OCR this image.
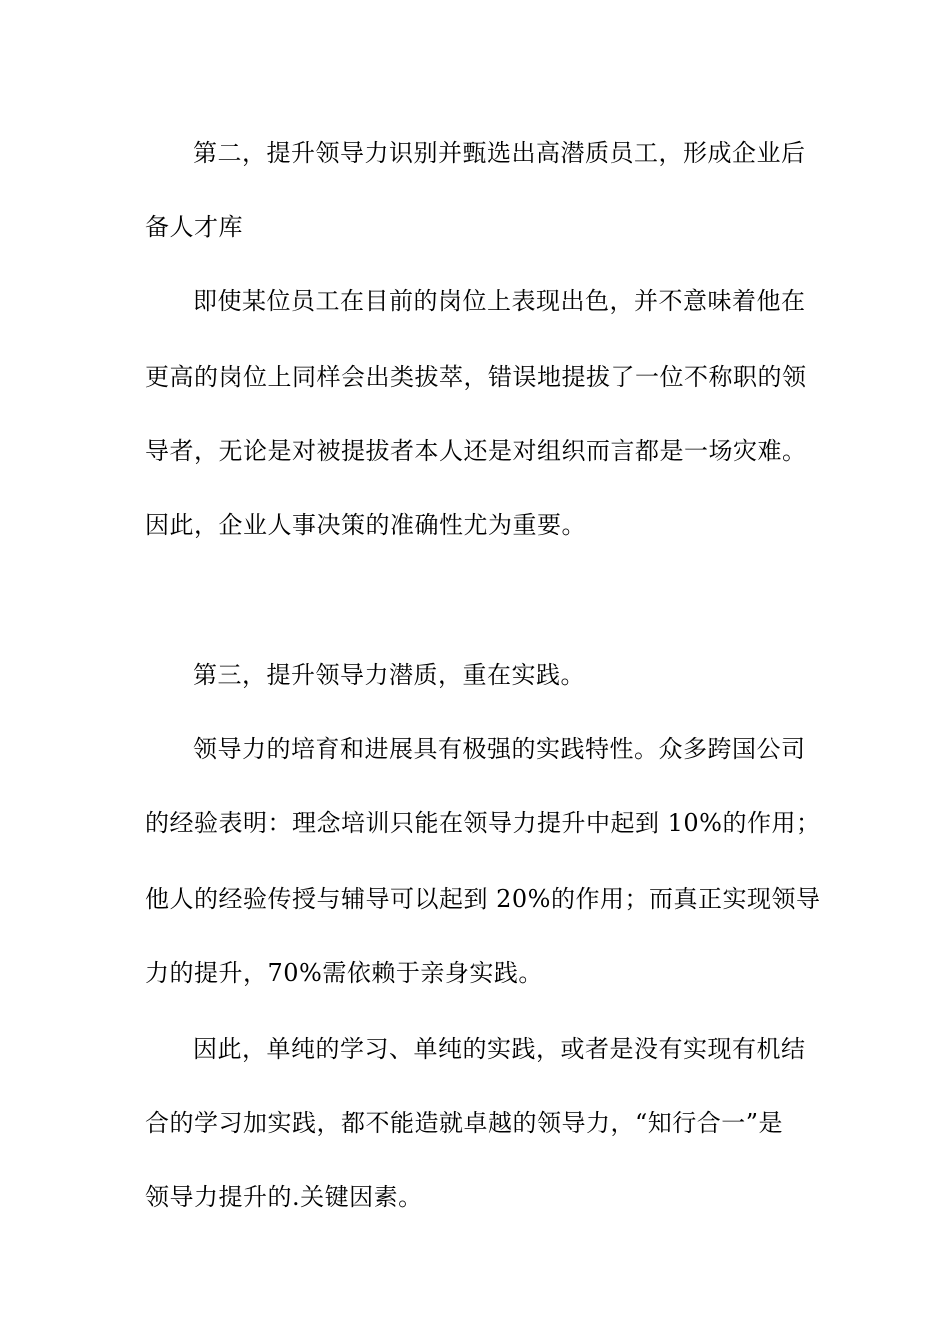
第二，提升领导力识别并甄选出高潜质员工，形成企业后
备人才库
即使某位员工在目前的岗位上表现出色，并不意味着他在
更高的岗位上同样会出类拔萃，错误地提拔了一位不称职的领
导者，无论是对被提拔者本人还是对组织而言都是一场灾难。
因此，企业人事决策的准确性尤为重要。
第三，提升领导力潜质，重在实践。
领导力的培育和进展具有极强的实践特性。众多跨国公司
的经验表明：理念培训只能在领导力提升中起到 10%的作用；
他人的经验传授与辅导可以起到 20%的作用；而真正实现领导
力的提升，70%需依赖于亲身实践。
因此，单纯的学习、单纯的实践，或者是没有实现有机结
合的学习加实践，都不能造就卓越的领导力，“知行合一”是
领导力提升的.关键因素。
